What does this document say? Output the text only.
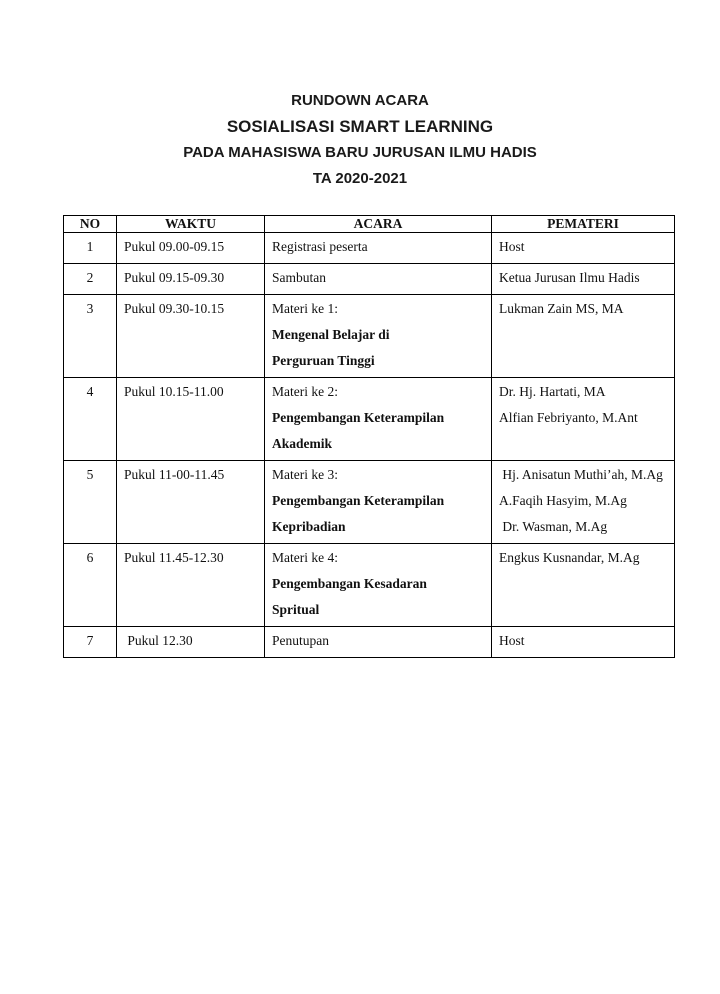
RUNDOWN ACARA
SOSIALISASI SMART LEARNING
PADA MAHASISWA BARU JURUSAN ILMU HADIS
TA 2020-2021
NO	WAKTU	ACARA	PEMATERI
1	Pukul 09.00-09.15	Registrasi peserta	Host

2	Pukul 09.15-09.30	Sambutan	Ketua Jurusan Ilmu Hadis

3	Pukul 09.30-10.15	Materi ke 1:
Mengenal Belajar di
Perguruan Tinggi	Lukman Zain MS, MA

4	Pukul 10.15-11.00	Materi ke 2:
Pengembangan Keterampilan
Akademik	Dr. Hj. Hartati, MA
Alfian Febriyanto, M.Ant

5	Pukul 11-00-11.45	Materi ke 3:
Pengembangan Keterampilan
Kepribadian	Hj. Anisatun Muthi’ah, M.Ag
A.Faqih Hasyim, M.Ag
Dr. Wasman, M.Ag

6	Pukul 11.45-12.30	Materi ke 4:
Pengembangan Kesadaran
Spritual	Engkus Kusnandar, M.Ag

7	Pukul 12.30	Penutupan	Host
